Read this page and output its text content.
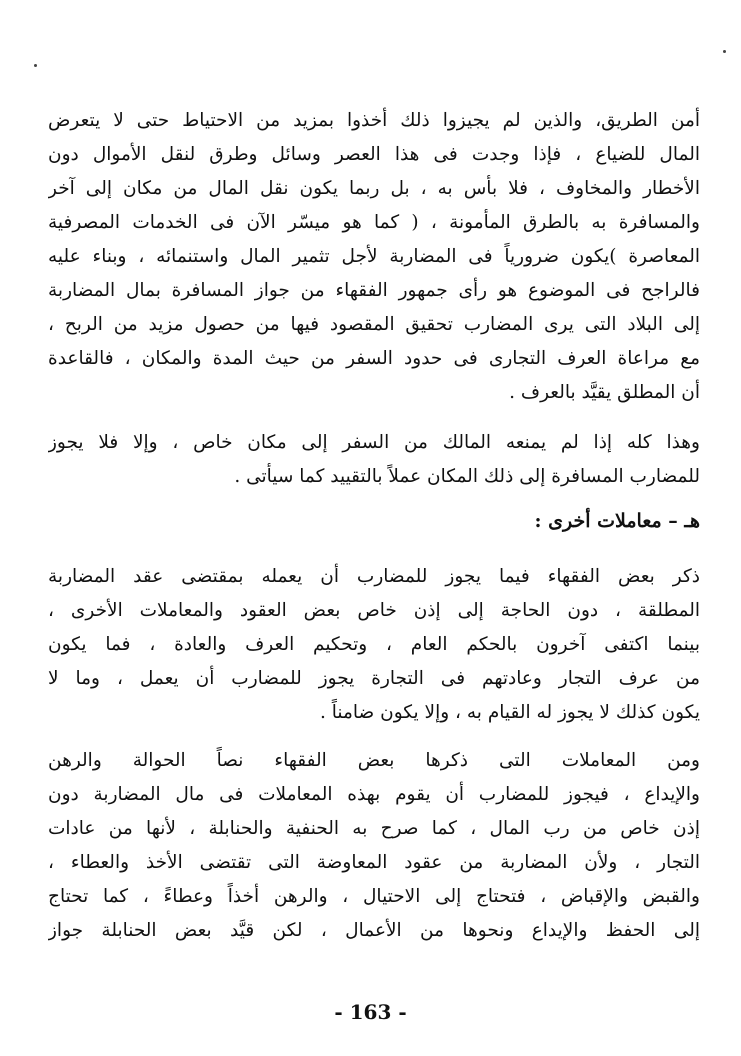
أمن الطريق، والذين لم يجيزوا ذلك أخذوا بمزيد من الاحتياط حتى لا يتعرض
المال للضياع ، فإذا وجدت فى هذا العصر وسائل وطرق لنقل الأموال دون
الأخطار والمخاوف ، فلا بأس به ، بل ربما يكون نقل المال من مكان إلى آخر
والمسافرة به بالطرق المأمونة ، ( كما هو ميسّر الآن فى الخدمات المصرفية
المعاصرة )يكون ضرورياً فى المضاربة لأجل تثمير المال واستنمائه ، وبناء عليه
فالراجح فى الموضوع هو رأى جمهور الفقهاء من جواز المسافرة بمال المضاربة
إلى البلاد التى يرى المضارب تحقيق المقصود فيها من حصول مزيد من الربح ،
مع مراعاة العرف التجارى فى حدود السفر من حيث المدة والمكان ، فالقاعدة
أن المطلق يقيَّد بالعرف .
وهذا كله إذا لم يمنعه المالك من السفر إلى مكان خاص ، وإلا فلا يجوز
للمضارب المسافرة إلى ذلك المكان عملاً بالتقييد كما سيأتى .
هـ – معاملات أخرى :
ذكر بعض الفقهاء فيما يجوز للمضارب أن يعمله بمقتضى عقد المضاربة
المطلقة ، دون الحاجة إلى إذن خاص بعض العقود والمعاملات الأخرى ،
بينما اكتفى آخرون بالحكم العام ، وتحكيم العرف والعادة ، فما يكون
من عرف التجار وعادتهم فى التجارة يجوز للمضارب أن يعمل ، وما لا
يكون كذلك لا يجوز له القيام به ، وإلا يكون ضامناً .
ومن المعاملات التى ذكرها بعض الفقهاء نصاً الحوالة والرهن
والإيداع ، فيجوز للمضارب أن يقوم بهذه المعاملات فى مال المضاربة دون
إذن خاص من رب المال ، كما صرح به الحنفية والحنابلة ، لأنها من عادات
التجار ، ولأن المضاربة من عقود المعاوضة التى تقتضى الأخذ والعطاء ،
والقبض والإقباض ، فتحتاج إلى الاحتيال ، والرهن أخذاً وعطاءً ، كما تحتاج
إلى الحفظ والإيداع ونحوها من الأعمال ، لكن قيَّد بعض الحنابلة جواز
- 163 -
